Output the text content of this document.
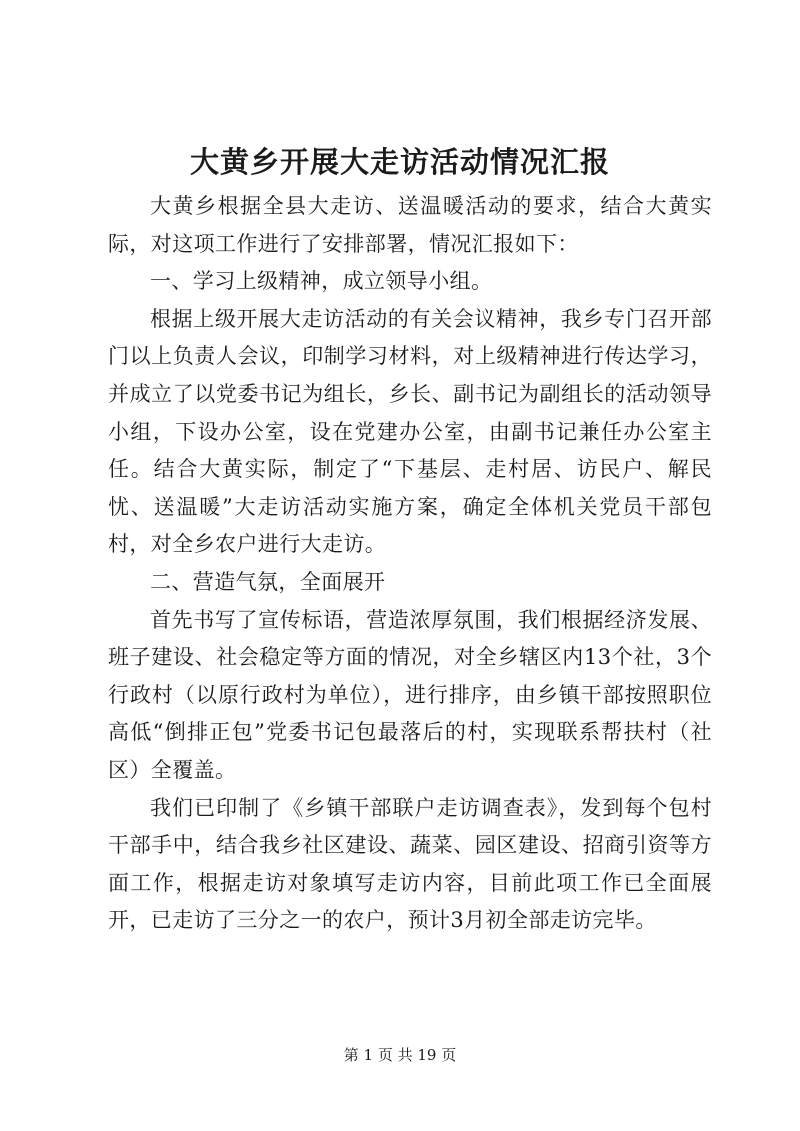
大黄乡开展大走访活动情况汇报

大黄乡根据全县大走访、送温暖活动的要求，结合大黄实际，对这项工作进行了安排部署，情况汇报如下：

一、学习上级精神，成立领导小组。

根据上级开展大走访活动的有关会议精神，我乡专门召开部门以上负责人会议，印制学习材料，对上级精神进行传达学习，并成立了以党委书记为组长，乡长、副书记为副组长的活动领导小组，下设办公室，设在党建办公室，由副书记兼任办公室主任。结合大黄实际，制定了“下基层、走村居、访民户、解民忧、送温暖”大走访活动实施方案，确定全体机关党员干部包村，对全乡农户进行大走访。

二、营造气氛，全面展开

首先书写了宣传标语，营造浓厚氛围，我们根据经济发展、班子建设、社会稳定等方面的情况，对全乡辖区内13个社，3个行政村（以原行政村为单位），进行排序，由乡镇干部按照职位高低“倒排正包”党委书记包最落后的村，实现联系帮扶村（社区）全覆盖。

我们已印制了《乡镇干部联户走访调查表》，发到每个包村干部手中，结合我乡社区建设、蔬菜、园区建设、招商引资等方面工作，根据走访对象填写走访内容，目前此项工作已全面展开，已走访了三分之一的农户，预计3月初全部走访完毕。

第 1 页 共 19 页
